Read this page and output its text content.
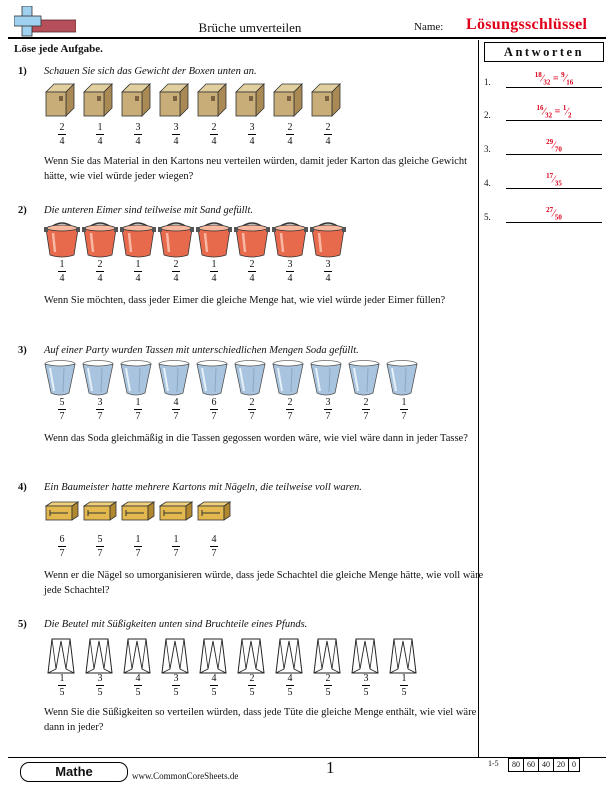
Brüche umverteilen	Name: Lösungsschlüssel
Löse jede Aufgabe.	Antworten
1.
$^{18}⁄_{32}$ = $^9⁄_{16}$
2.
$^{16}⁄_{32}$ = $^1⁄_2$
3.
$^{29}⁄_{70}$
4.
$^{17}⁄_{35}$
5.
$^{27}⁄_{50}$
1) Schauen Sie sich das Gewicht der Boxen unten an.
2
4
1
4
3
4
3
4
2
4
3
4
2
4
2
4
Wenn Sie das Material in den Kartons neu verteilen würden, damit jeder Karton das gleiche Gewicht hätte, wie viel würde jeder wiegen?
2) Die unteren Eimer sind teilweise mit Sand gefüllt.
1
4
2
4
1
4
2
4
1
4
2
4
3
4
3
4
Wenn Sie möchten, dass jeder Eimer die gleiche Menge hat, wie viel würde jeder Eimer füllen?
3) Auf einer Party wurden Tassen mit unterschiedlichen Mengen Soda gefüllt.
5
7
3
7
1
7
4
7
6
7
2
7
2
7
3
7
2
7
1
7
Wenn das Soda gleichmäßig in die Tassen gegossen worden wäre, wie viel wäre dann in jeder Tasse?
4) Ein Baumeister hatte mehrere Kartons mit Nägeln, die teilweise voll waren.
6
7
5
7
1
7
1
7
4
7
Wenn er die Nägel so umorganisieren würde, dass jede Schachtel die gleiche Menge hätte, wie voll wäre jede Schachtel?
5) Die Beutel mit Süßigkeiten unten sind Bruchteile eines Pfunds.
1
5
3
5
4
5
3
5
4
5
2
5
4
5
2
5
3
5
1
5
Wenn Sie die Süßigkeiten so verteilen würden, dass jede Tüte die gleiche Menge enthält, wie viel wäre dann in jeder?
Mathe	www.CommonCoreSheets.de	1	1-5	80 60 40 20 0
